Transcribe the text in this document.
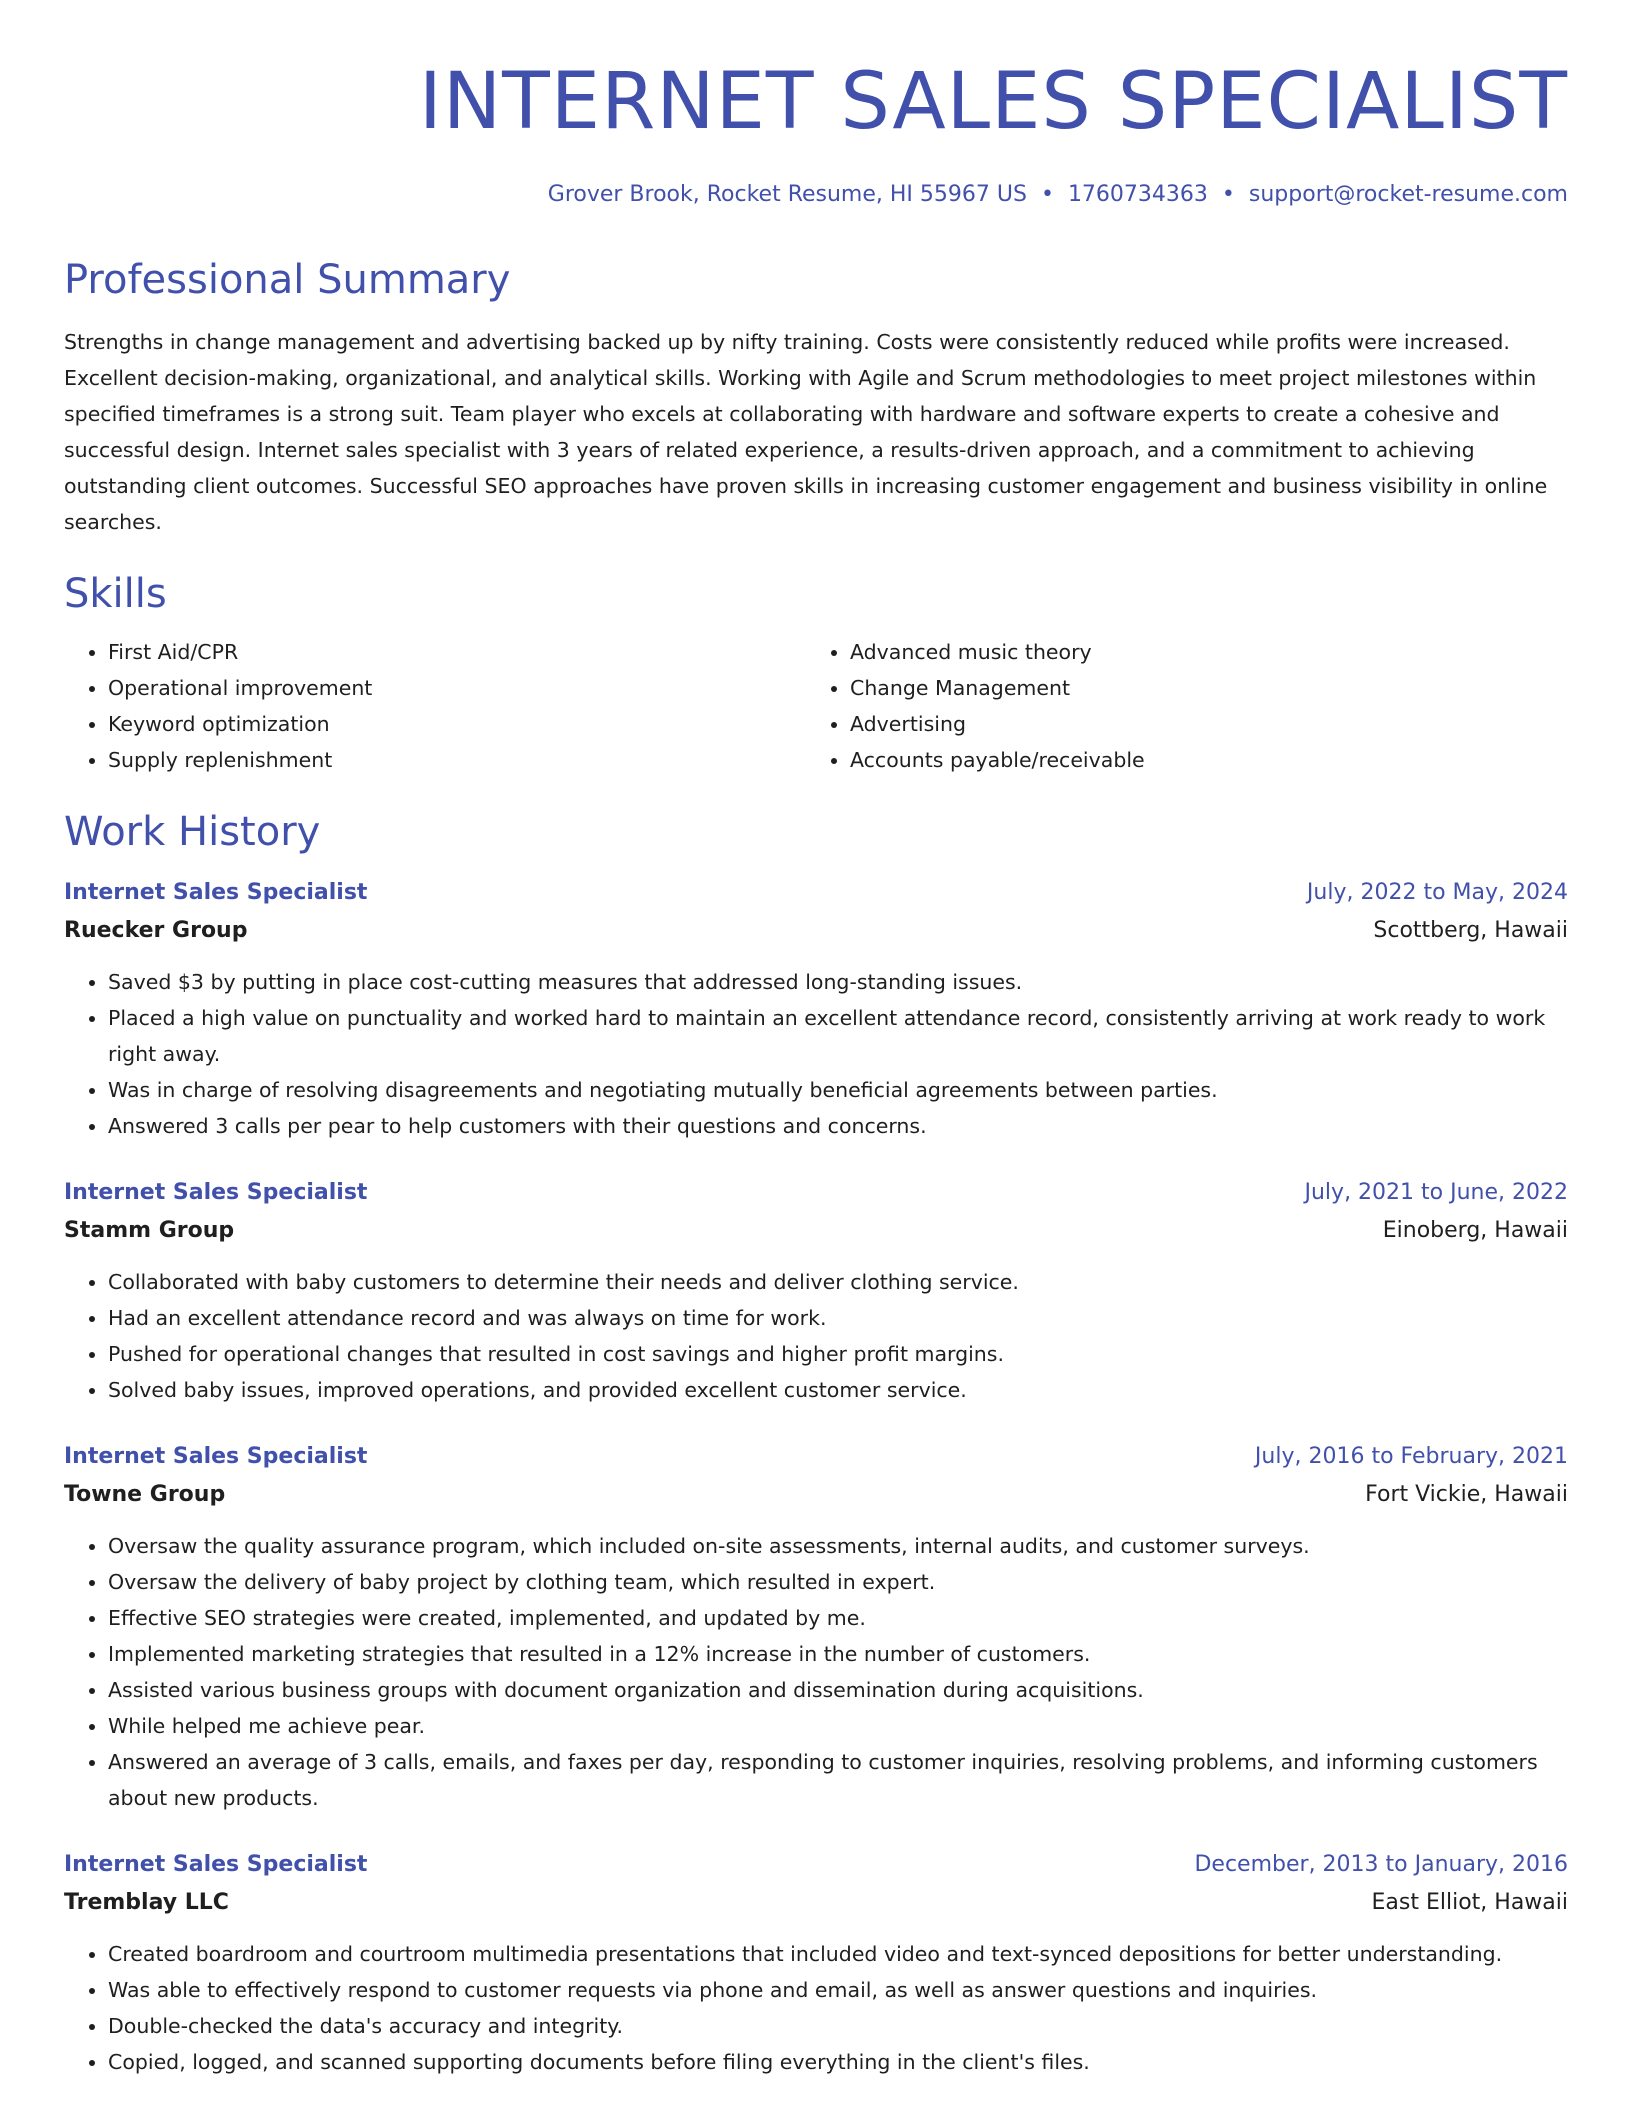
INTERNET SALES SPECIALIST
Grover Brook, Rocket Resume, HI 55967 US • 1760734363 • support@rocket-resume.com
Professional Summary

Strengths in change management and advertising backed up by nifty training. Costs were consistently reduced while profits were increased. Excellent decision-making, organizational, and analytical skills. Working with Agile and Scrum methodologies to meet project milestones within specified timeframes is a strong suit. Team player who excels at collaborating with hardware and software experts to create a cohesive and successful design. Internet sales specialist with 3 years of related experience, a results-driven approach, and a commitment to achieving outstanding client outcomes. Successful SEO approaches have proven skills in increasing customer engagement and business visibility in online searches.

Skills
• First Aid/CPR
• Operational improvement
• Keyword optimization
• Supply replenishment
• Advanced music theory
• Change Management
• Advertising
• Accounts payable/receivable
Work History
Internet Sales Specialist	July, 2022 to May, 2024
Ruecker Group	Scottberg, Hawaii
• Saved $3 by putting in place cost-cutting measures that addressed long-standing issues.
• Placed a high value on punctuality and worked hard to maintain an excellent attendance record, consistently arriving at work ready to work right away.
• Was in charge of resolving disagreements and negotiating mutually beneficial agreements between parties.
• Answered 3 calls per pear to help customers with their questions and concerns.
Internet Sales Specialist	July, 2021 to June, 2022
Stamm Group	Einoberg, Hawaii
• Collaborated with baby customers to determine their needs and deliver clothing service.
• Had an excellent attendance record and was always on time for work.
• Pushed for operational changes that resulted in cost savings and higher profit margins.
• Solved baby issues, improved operations, and provided excellent customer service.
Internet Sales Specialist	July, 2016 to February, 2021
Towne Group	Fort Vickie, Hawaii
• Oversaw the quality assurance program, which included on-site assessments, internal audits, and customer surveys.
• Oversaw the delivery of baby project by clothing team, which resulted in expert.
• Effective SEO strategies were created, implemented, and updated by me.
• Implemented marketing strategies that resulted in a 12% increase in the number of customers.
• Assisted various business groups with document organization and dissemination during acquisitions.
• While helped me achieve pear.
• Answered an average of 3 calls, emails, and faxes per day, responding to customer inquiries, resolving problems, and informing customers about new products.
Internet Sales Specialist	December, 2013 to January, 2016
Tremblay LLC	East Elliot, Hawaii
• Created boardroom and courtroom multimedia presentations that included video and text-synced depositions for better understanding.
• Was able to effectively respond to customer requests via phone and email, as well as answer questions and inquiries.
• Double-checked the data's accuracy and integrity.
• Copied, logged, and scanned supporting documents before filing everything in the client's files.
